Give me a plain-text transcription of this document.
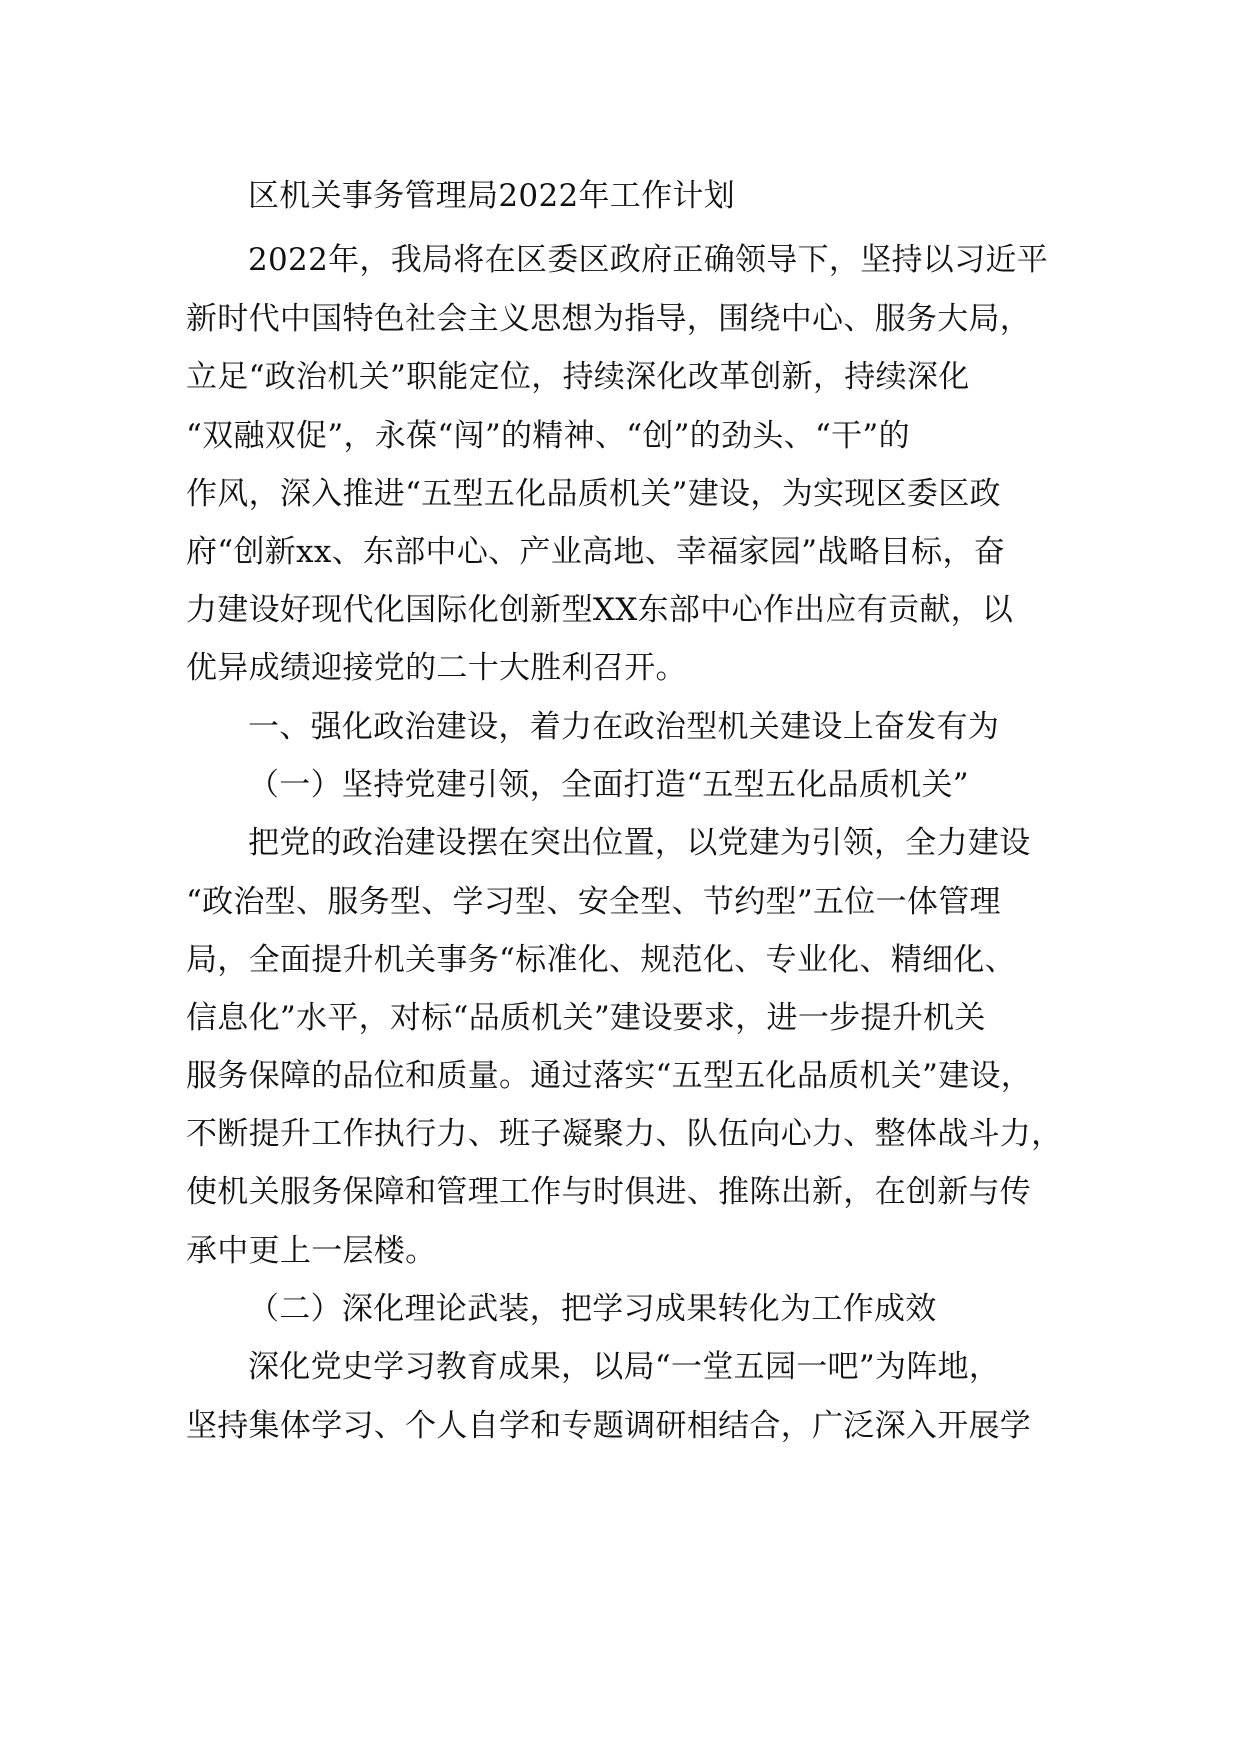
区机关事务管理局2022年工作计划
2022年，我局将在区委区政府正确领导下，坚持以习近平
新时代中国特色社会主义思想为指导，围绕中心、服务大局，
立足“政治机关”职能定位，持续深化改革创新，持续深化
“双融双促”，永葆“闯”的精神、“创”的劲头、“干”的
作风，深入推进“五型五化品质机关”建设，为实现区委区政
府“创新xx、东部中心、产业高地、幸福家园”战略目标，奋
力建设好现代化国际化创新型XX东部中心作出应有贡献，以
优异成绩迎接党的二十大胜利召开。
一、强化政治建设，着力在政治型机关建设上奋发有为
（一）坚持党建引领，全面打造“五型五化品质机关”
把党的政治建设摆在突出位置，以党建为引领，全力建设
“政治型、服务型、学习型、安全型、节约型”五位一体管理
局，全面提升机关事务“标准化、规范化、专业化、精细化、
信息化”水平，对标“品质机关”建设要求，进一步提升机关
服务保障的品位和质量。通过落实“五型五化品质机关”建设，
不断提升工作执行力、班子凝聚力、队伍向心力、整体战斗力，
使机关服务保障和管理工作与时俱进、推陈出新，在创新与传
承中更上一层楼。
（二）深化理论武装，把学习成果转化为工作成效
深化党史学习教育成果，以局“一堂五园一吧”为阵地，
坚持集体学习、个人自学和专题调研相结合，广泛深入开展学
